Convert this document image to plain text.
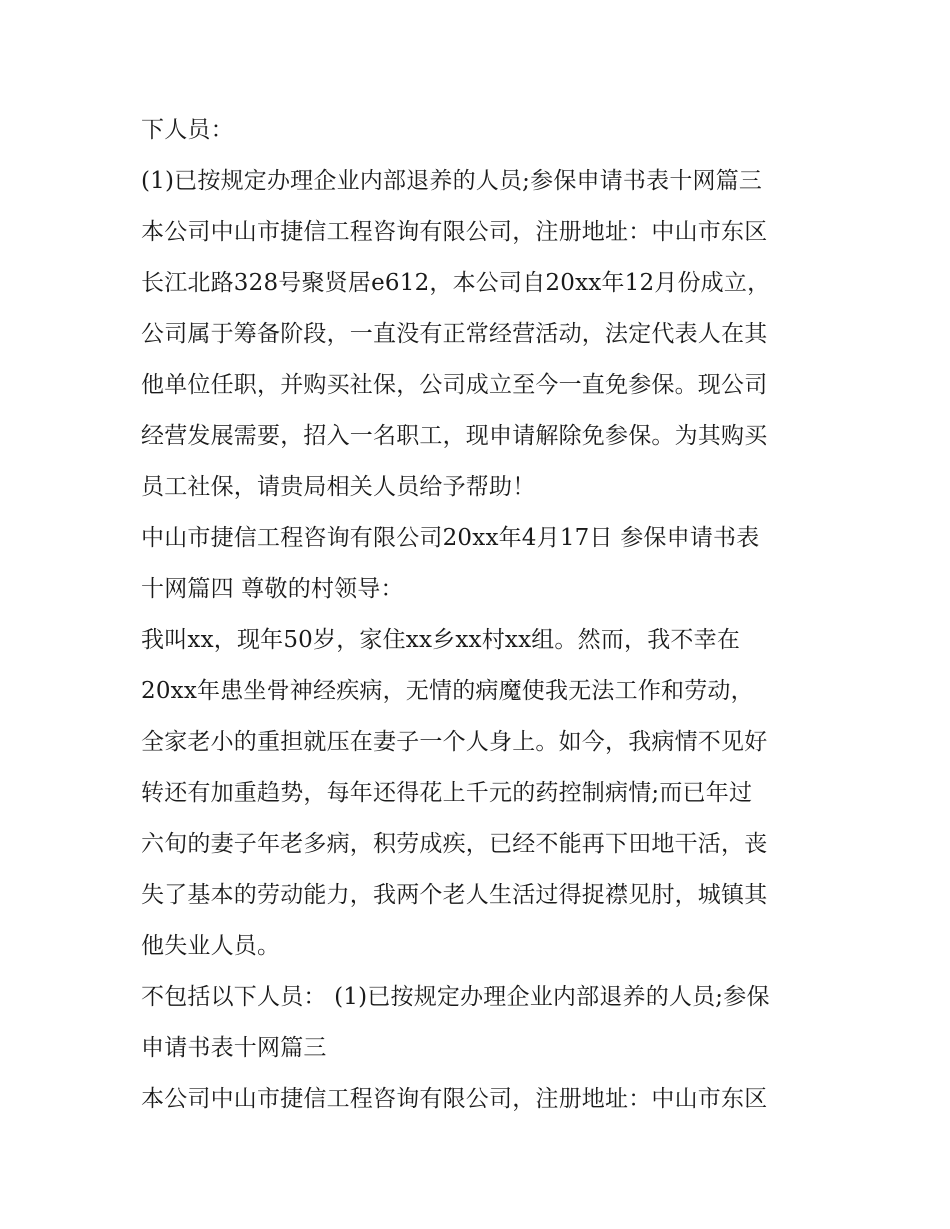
下人员：
(1)已按规定办理企业内部退养的人员;参保申请书表十网篇三
本公司中山市捷信工程咨询有限公司，注册地址：中山市东区
长江北路328号聚贤居e612，本公司自20xx年12月份成立，
公司属于筹备阶段，一直没有正常经营活动，法定代表人在其
他单位任职，并购买社保，公司成立至今一直免参保。现公司
经营发展需要，招入一名职工，现申请解除免参保。为其购买
员工社保，请贵局相关人员给予帮助！
中山市捷信工程咨询有限公司20xx年4月17日 参保申请书表
十网篇四 尊敬的村领导：
我叫xx，现年50岁，家住xx乡xx村xx组。然而，我不幸在
20xx年患坐骨神经疾病，无情的病魔使我无法工作和劳动，
全家老小的重担就压在妻子一个人身上。如今，我病情不见好
转还有加重趋势，每年还得花上千元的药控制病情;而已年过
六旬的妻子年老多病，积劳成疾，已经不能再下田地干活，丧
失了基本的劳动能力，我两个老人生活过得捉襟见肘，城镇其
他失业人员。
不包括以下人员： (1)已按规定办理企业内部退养的人员;参保
申请书表十网篇三
本公司中山市捷信工程咨询有限公司，注册地址：中山市东区
